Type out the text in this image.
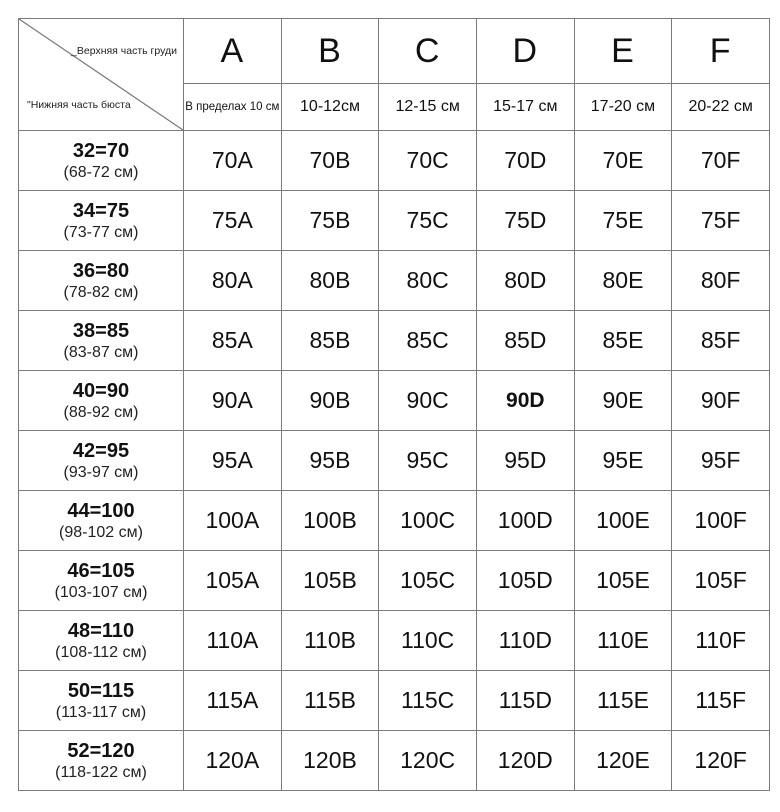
_Верхняя часть груди
"Нижняя часть бюста	A	B	C	D	E	F
	В пределах 10 см	10-12см	12-15 см	15-17 см	17-20 см	20-22 см

32=70
(68-72 см)	70A	70B	70C	70D	70E	70F

34=75
(73-77 см)	75A	75B	75C	75D	75E	75F

36=80
(78-82 см)	80A	80B	80C	80D	80E	80F

38=85
(83-87 см)	85A	85B	85C	85D	85E	85F

40=90
(88-92 см)	90A	90B	90C	90D	90E	90F

42=95
(93-97 см)	95A	95B	95C	95D	95E	95F

44=100
(98-102 см)	100A	100B	100C	100D	100E	100F

46=105
(103-107 см)	105A	105B	105C	105D	105E	105F

48=110
(108-112 см)	110A	110B	110C	110D	110E	110F

50=115
(113-117 см)	115A	115B	115C	115D	115E	115F

52=120
(118-122 см)	120A	120B	120C	120D	120E	120F
